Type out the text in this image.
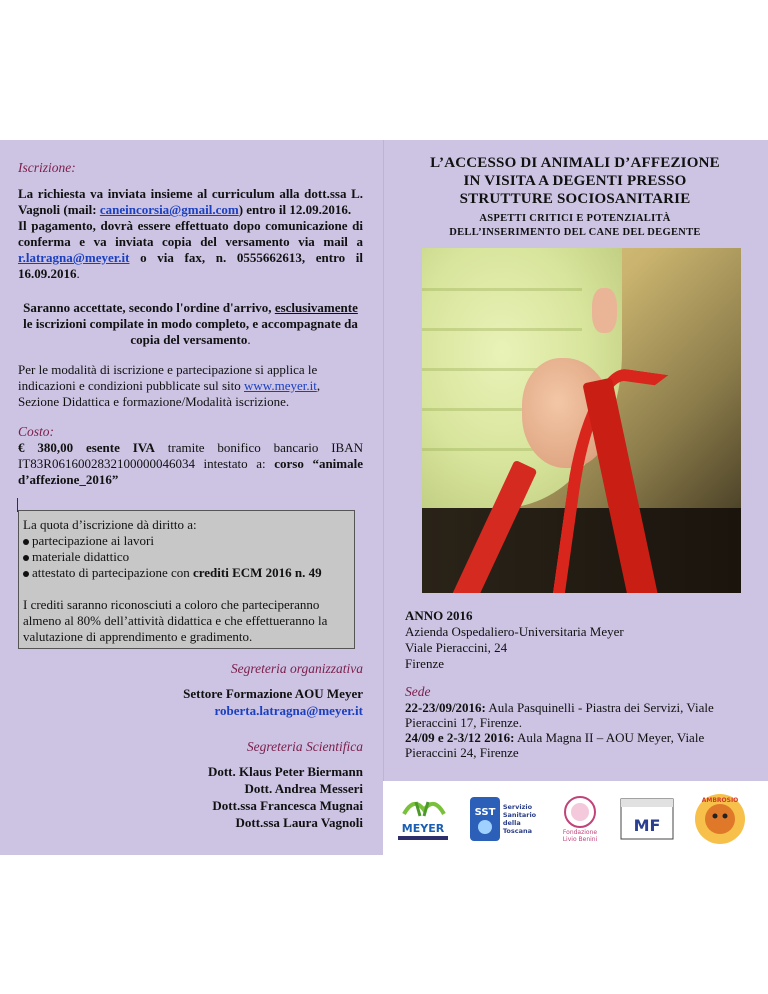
Iscrizione:
La richiesta va inviata insieme al curriculum alla dott.ssa L. Vagnoli (mail: caneincorsia@gmail.com) entro il 12.09.2016.
Il pagamento, dovrà essere effettuato dopo comunicazione di conferma e va inviata copia del versamento via mail a r.latragna@meyer.it o via fax, n. 0555662613, entro il 16.09.2016.
Saranno accettate, secondo l'ordine d'arrivo, esclusivamente le iscrizioni compilate in modo completo, e accompagnate da copia del versamento.
Per le modalità di iscrizione e partecipazione si applica le indicazioni e condizioni pubblicate sul sito www.meyer.it, Sezione Didattica e formazione/Modalità iscrizione.
Costo:
€ 380,00 esente IVA tramite bonifico bancario IBAN IT83R0616002832100000046034 intestato a: corso “animale d’affezione_2016”

La quota d’iscrizione dà diritto a:

partecipazione ai lavori

materiale didattico

attestato di partecipazione con crediti ECM 2016 n. 49

I crediti saranno riconosciuti a coloro che parteciperanno almeno al 80% dell’attività didattica e che effettueranno la valutazione di apprendimento e gradimento.

Segreteria organizzativa
Settore Formazione AOU Meyer
roberta.latragna@meyer.it
Segreteria Scientifica
Dott. Klaus Peter Biermann
Dott. Andrea Messeri
Dott.ssa Francesca Mugnai
Dott.ssa Laura Vagnoli
L’ACCESSO DI ANIMALI D’AFFEZIONE
IN VISITA A DEGENTI PRESSO
STRUTTURE SOCIOSANITARIE
ASPETTI CRITICI E POTENZIALITÀ
DELL’INSERIMENTO DEL CANE DEL DEGENTE
ANNO 2016
Azienda Ospedaliero-Universitaria Meyer
Viale Pieraccini, 24
Firenze
Sede
22-23/09/2016: Aula Pasquinelli - Piastra dei Servizi, Viale Pieraccini 17, Firenze.
24/09 e 2-3/12 2016: Aula Magna II – AOU Meyer, Viale Pieraccini 24, Firenze
MEYER
SST Servizio
Sanitario
della
Toscana	Fondazione
Livio Benini
MF
AMBROSIO
